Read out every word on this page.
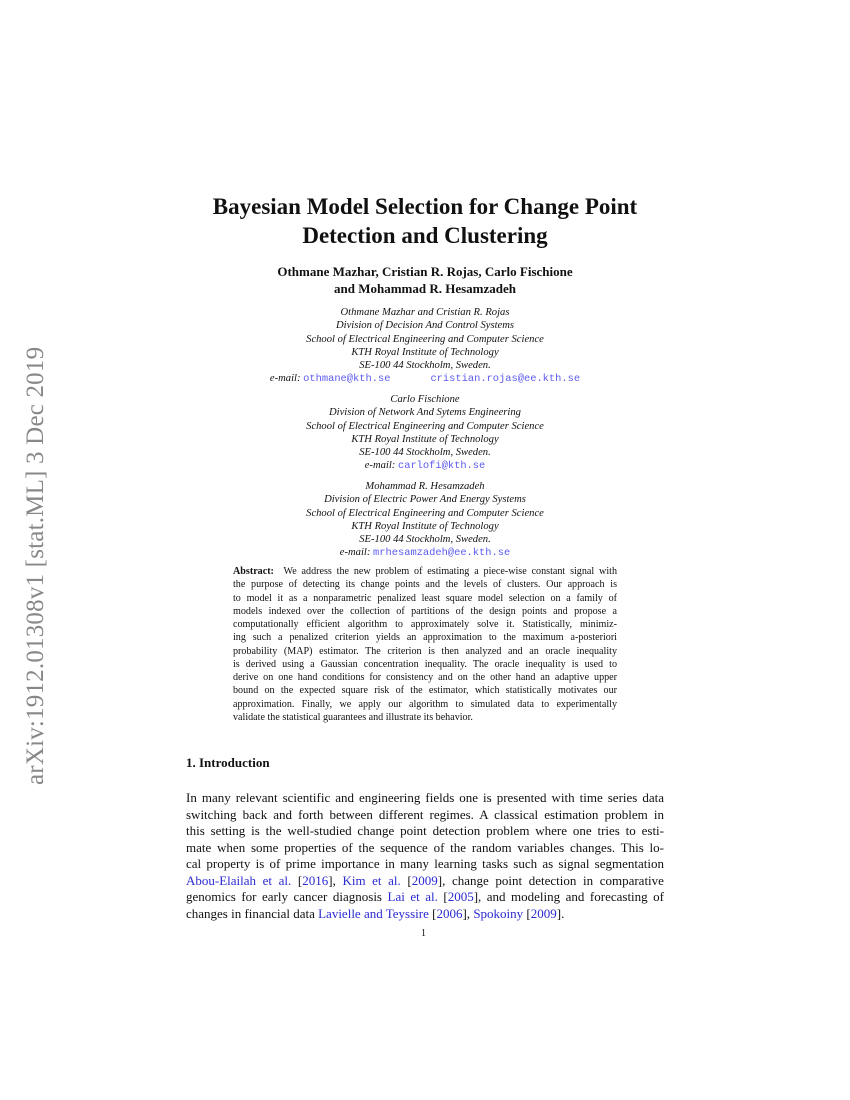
arXiv:1912.01308v1 [stat.ML] 3 Dec 2019
Bayesian Model Selection for Change Point
Detection and Clustering
Othmane Mazhar, Cristian R. Rojas, Carlo Fischione
and Mohammad R. Hesamzadeh
Othmane Mazhar and Cristian R. Rojas
Division of Decision And Control Systems
School of Electrical Engineering and Computer Science
KTH Royal Institute of Technology
SE-100 44 Stockholm, Sweden.
e-mail: othmane@kth.se	cristian.rojas@ee.kth.se
Carlo Fischione
Division of Network And Sytems Engineering
School of Electrical Engineering and Computer Science
KTH Royal Institute of Technology
SE-100 44 Stockholm, Sweden.
e-mail: carlofi@kth.se
Mohammad R. Hesamzadeh
Division of Electric Power And Energy Systems
School of Electrical Engineering and Computer Science
KTH Royal Institute of Technology
SE-100 44 Stockholm, Sweden.
e-mail: mrhesamzadeh@ee.kth.se
Abstract: We address the new problem of estimating a piece-wise constant signal with
the purpose of detecting its change points and the levels of clusters. Our approach is
to model it as a nonparametric penalized least square model selection on a family of
models indexed over the collection of partitions of the design points and propose a
computationally efficient algorithm to approximately solve it. Statistically, minimiz-
ing such a penalized criterion yields an approximation to the maximum a-posteriori
probability (MAP) estimator. The criterion is then analyzed and an oracle inequality
is derived using a Gaussian concentration inequality. The oracle inequality is used to
derive on one hand conditions for consistency and on the other hand an adaptive upper
bound on the expected square risk of the estimator, which statistically motivates our
approximation. Finally, we apply our algorithm to simulated data to experimentally
validate the statistical guarantees and illustrate its behavior.
1. Introduction
In many relevant scientific and engineering fields one is presented with time series data
switching back and forth between different regimes. A classical estimation problem in
this setting is the well-studied change point detection problem where one tries to esti-
mate when some properties of the sequence of the random variables changes. This lo-
cal property is of prime importance in many learning tasks such as signal segmentation
Abou-Elailah et al. [2016], Kim et al. [2009], change point detection in comparative
genomics for early cancer diagnosis Lai et al. [2005], and modeling and forecasting of
changes in financial data Lavielle and Teyssire [2006], Spokoiny [2009].
1
